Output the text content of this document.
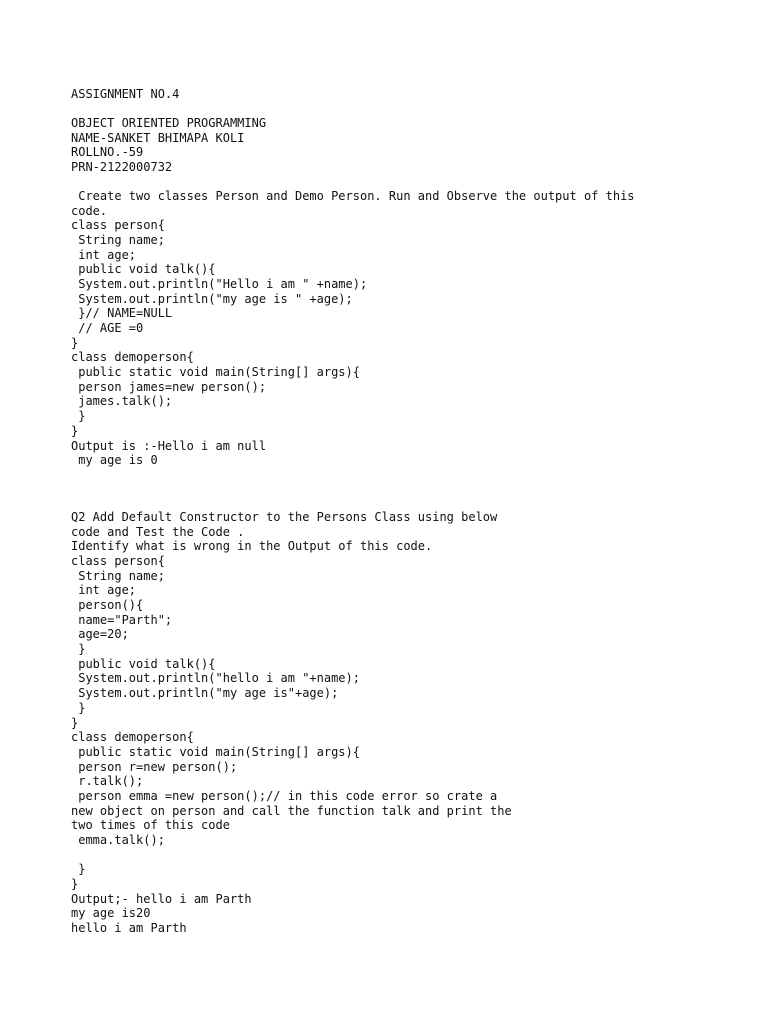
ASSIGNMENT NO.4
OBJECT ORIENTED PROGRAMMING
NAME-SANKET BHIMAPA KOLI
ROLLNO.-59
PRN-2122000732
Create two classes Person and Demo Person. Run and Observe the output of this
code.
class person{
String name;
int age;
public void talk(){
System.out.println("Hello i am " +name);
System.out.println("my age is " +age);
}// NAME=NULL
// AGE =0
}
class demoperson{
public static void main(String[] args){
person james=new person();
james.talk();
}
}
Output is :-Hello i am null
my age is 0
Q2 Add Default Constructor to the Persons Class using below
code and Test the Code .
Identify what is wrong in the Output of this code.
class person{
String name;
int age;
person(){
name="Parth";
age=20;
}
public void talk(){
System.out.println("hello i am "+name);
System.out.println("my age is"+age);
}
}
class demoperson{
public static void main(String[] args){
person r=new person();
r.talk();
person emma =new person();// in this code error so crate a
new object on person and call the function talk and print the
two times of this code
emma.talk();
}
}
Output;- hello i am Parth
my age is20
hello i am Parth
